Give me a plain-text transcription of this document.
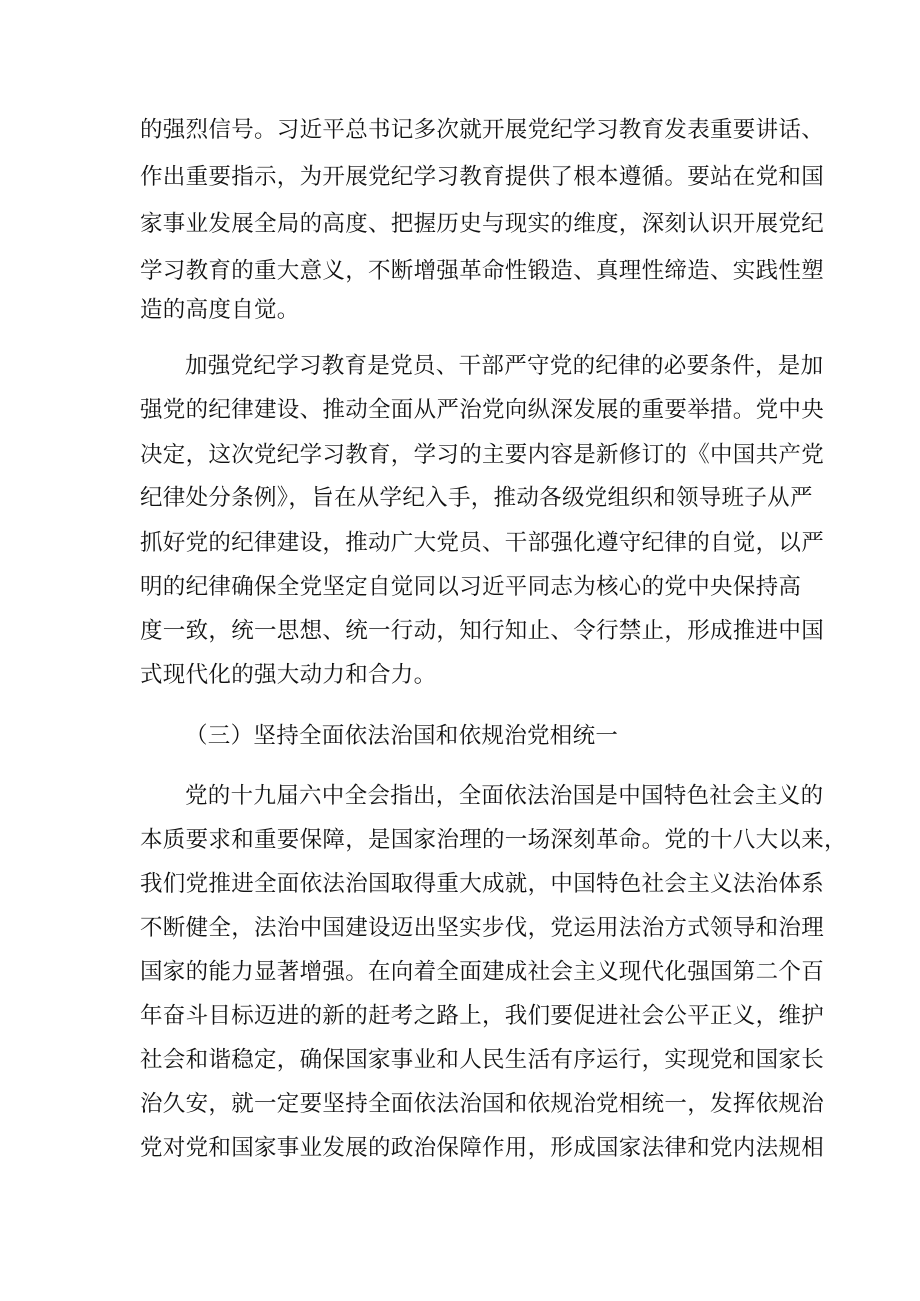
的强烈信号。习近平总书记多次就开展党纪学习教育发表重要讲话、
作出重要指示，为开展党纪学习教育提供了根本遵循。要站在党和国
家事业发展全局的高度、把握历史与现实的维度，深刻认识开展党纪
学习教育的重大意义，不断增强革命性锻造、真理性缔造、实践性塑
造的高度自觉。
加强党纪学习教育是党员、干部严守党的纪律的必要条件，是加
强党的纪律建设、推动全面从严治党向纵深发展的重要举措。党中央
决定，这次党纪学习教育，学习的主要内容是新修订的《中国共产党
纪律处分条例》，旨在从学纪入手，推动各级党组织和领导班子从严
抓好党的纪律建设，推动广大党员、干部强化遵守纪律的自觉，以严
明的纪律确保全党坚定自觉同以习近平同志为核心的党中央保持高
度一致，统一思想、统一行动，知行知止、令行禁止，形成推进中国
式现代化的强大动力和合力。
（三）坚持全面依法治国和依规治党相统一
党的十九届六中全会指出，全面依法治国是中国特色社会主义的
本质要求和重要保障，是国家治理的一场深刻革命。党的十八大以来，
我们党推进全面依法治国取得重大成就，中国特色社会主义法治体系
不断健全，法治中国建设迈出坚实步伐，党运用法治方式领导和治理
国家的能力显著增强。在向着全面建成社会主义现代化强国第二个百
年奋斗目标迈进的新的赶考之路上，我们要促进社会公平正义，维护
社会和谐稳定，确保国家事业和人民生活有序运行，实现党和国家长
治久安，就一定要坚持全面依法治国和依规治党相统一，发挥依规治
党对党和国家事业发展的政治保障作用，形成国家法律和党内法规相
